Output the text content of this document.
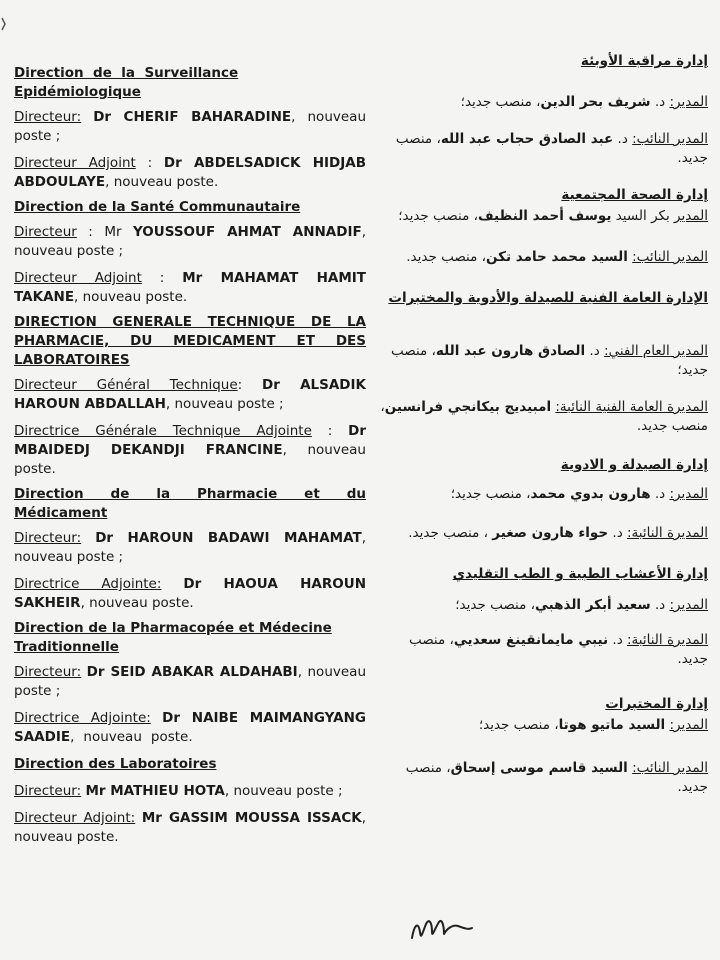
Direction de la Surveillance Epidémiologique
Directeur: Dr CHERIF BAHARADINE, nouveau poste ;
Directeur Adjoint : Dr ABDELSADICK HIDJAB ABDOULAYE, nouveau poste.
Direction de la Santé Communautaire
Directeur : Mr YOUSSOUF AHMAT ANNADIF, nouveau poste ;
Directeur Adjoint : Mr MAHAMAT HAMIT TAKANE, nouveau poste.
DIRECTION GENERALE TECHNIQUE DE LA PHARMACIE, DU MEDICAMENT ET DES LABORATOIRES
Directeur Général Technique: Dr ALSADIK HAROUN ABDALLAH, nouveau poste ;
Directrice Générale Technique Adjointe : Dr MBAIDEDJ DEKANDJI FRANCINE, nouveau poste.
Direction de la Pharmacie et du Médicament
Directeur: Dr HAROUN BADAWI MAHAMAT, nouveau poste ;
Directrice Adjointe: Dr HAOUA HAROUN SAKHEIR, nouveau poste.
Direction de la Pharmacopée et Médecine Traditionnelle
Directeur: Dr SEID ABAKAR ALDAHABI, nouveau poste ;
Directrice Adjointe: Dr NAIBE MAIMANGYANG SAADIE, nouveau poste.
Direction des Laboratoires
Directeur: Mr MATHIEU HOTA, nouveau poste ;
Directeur Adjoint: Mr GASSIM MOUSSA ISSACK, nouveau poste.
إدارة مراقبة الأوبئة
المدير: د. شريف بحر الدين، منصب جديد؛
المدير النائب: د. عبد الصادق حجاب عبد الله، منصب جديد.
إدارة الصحة المجتمعية
المدير بكر السيد يوسف أحمد النظيف، منصب جديد؛
المدير النائب: السيد محمد حامد تكن، منصب جديد.
الإدارة العامة الفنية للصيدلة والأدوية والمختبرات
المدير العام الفني: د. الصادق هارون عبد الله، منصب جديد؛
المديرة العامة الفنية النائبة: امبيديج بيكانجي فرانسين، منصب جديد.
إدارة الصيدلة و الادوية
المدير: د. هارون بدوي محمد، منصب جديد؛
المديرة النائبة: د. حواء هارون صغير ، منصب جديد.
إدارة الأعشاب الطبية و الطب التقليدي
المدير: د. سعيد أبكر الذهبي، منصب جديد؛
المديرة النائبة: د. نيبي مايمانقينغ سعديي، منصب جديد.
إدارة المختبرات
المدير: السيد ماتيو هوتا، منصب جديد؛
المدير النائب: السيد قاسم موسى إسحاق، منصب جديد.
